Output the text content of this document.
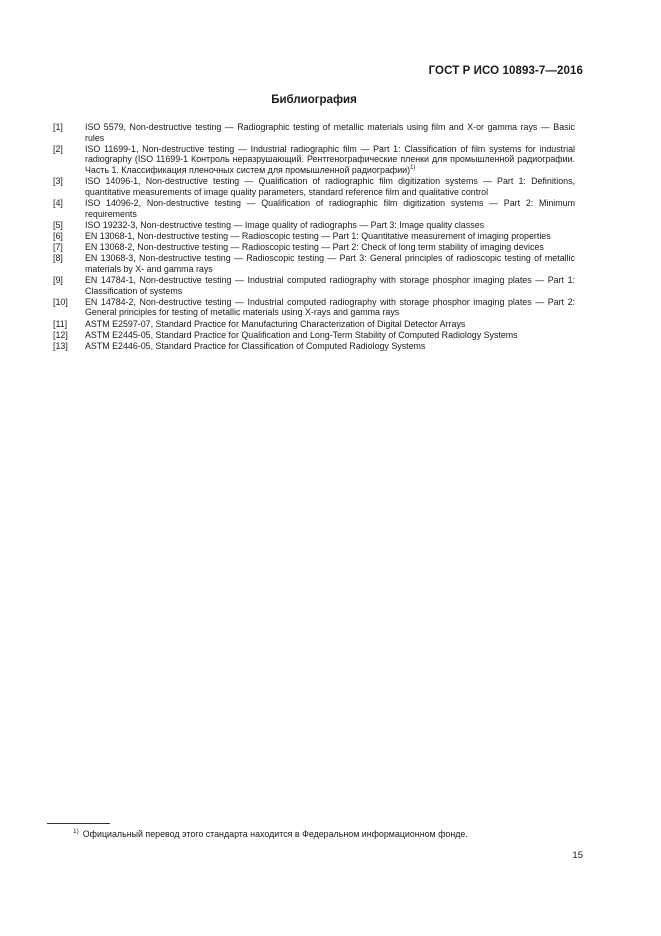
ГОСТ Р ИСО 10893-7—2016
Библиография
[1]	ISO 5579, Non-destructive testing — Radiographic testing of metallic materials using film and X-or gamma rays — Basic rules
[2]	ISO 11699-1, Non-destructive testing — Industrial radiographic film — Part 1: Classification of film systems for industrial radiography (ISO 11699-1 Контроль неразрушающий. Рентгенографические пленки для промышленной радиографии. Часть 1. Классификация пленочных систем для промышленной радиографии)$^{1)}$
[3]	ISO 14096-1, Non-destructive testing — Qualification of radiographic film digitization systems — Part 1: Definitions, quantitative measurements of image quality parameters, standard reference film and qualitative control
[4]	ISO 14096-2, Non-destructive testing — Qualification of radiographic film digitization systems — Part 2: Minimum requirements
[5]	ISO 19232-3, Non-destructive testing — Image quality of radiographs — Part 3: Image quality classes
[6]	EN 13068-1, Non-destructive testing — Radioscopic testing — Part 1: Quantitative measurement of imaging properties
[7]	EN 13068-2, Non-destructive testing — Radioscopic testing — Part 2: Check of long term stability of imaging devices
[8]	EN 13068-3, Non-destructive testing — Radioscopic testing — Part 3: General principles of radioscopic testing of metallic materials by X- and gamma rays
[9]	EN 14784-1, Non-destructive testing — Industrial computed radiography with storage phosphor imaging plates — Part 1: Classification of systems
[10]	EN 14784-2, Non-destructive testing — Industrial computed radiography with storage phosphor imaging plates — Part 2: General principles for testing of metallic materials using X-rays and gamma rays
[11]	ASTM E2597-07, Standard Practice for Manufacturing Characterization of Digital Detector Arrays
[12]	ASTM E2445-05, Standard Practice for Qualification and Long-Term Stability of Computed Radiology Systems
[13]	ASTM E2446-05, Standard Practice for Classification of Computed Radiology Systems
$^{1)}$ Официальный перевод этого стандарта находится в Федеральном информационном фонде.
15
